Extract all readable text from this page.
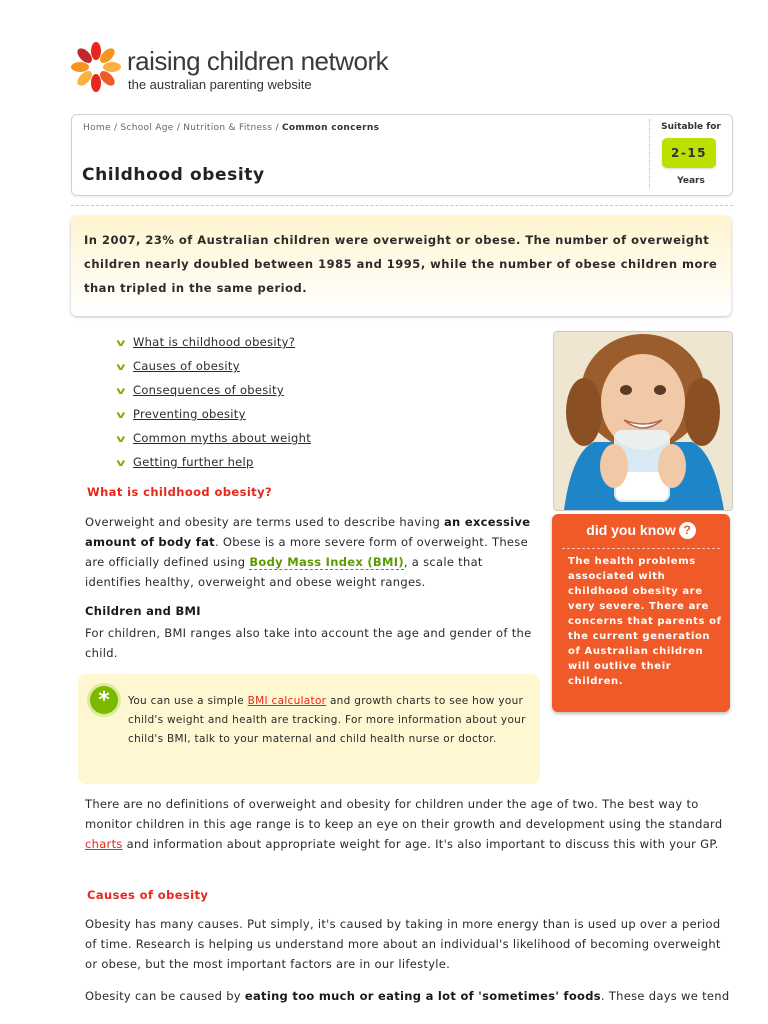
raising children network
the australian parenting website
Home / School Age / Nutrition & Fitness / Common concerns
Childhood obesity
Suitable for
2-15
Years
In 2007, 23% of Australian children were overweight or obese. The number of overweight children nearly doubled between 1985 and 1995, while the number of obese children more than tripled in the same period.
v What is childhood obesity?
v Causes of obesity
v Consequences of obesity
v Preventing obesity
v Common myths about weight
v Getting further help
did you know ?
The health problems associated with childhood obesity are very severe. There are concerns that parents of the current generation of Australian children will outlive their children.
What is childhood obesity?
Overweight and obesity are terms used to describe having an excessive amount of body fat. Obese is a more severe form of overweight. These are officially defined using Body Mass Index (BMI), a scale that identifies healthy, overweight and obese weight ranges.
Children and BMI
For children, BMI ranges also take into account the age and gender of the child.
*	You can use a simple BMI calculator and growth charts to see how your child's weight and health are tracking. For more information about your child's BMI, talk to your maternal and child health nurse or doctor.
There are no definitions of overweight and obesity for children under the age of two. The best way to monitor children in this age range is to keep an eye on their growth and development using the standard charts and information about appropriate weight for age. It's also important to discuss this with your GP.
Causes of obesity
Obesity has many causes. Put simply, it's caused by taking in more energy than is used up over a period of time. Research is helping us understand more about an individual's likelihood of becoming overweight or obese, but the most important factors are in our lifestyle.
Obesity can be caused by eating too much or eating a lot of 'sometimes' foods. These days we tend
